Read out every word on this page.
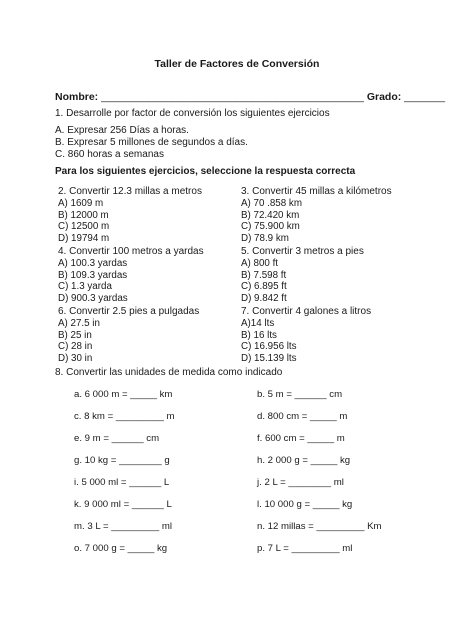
Taller de Factores de Conversión
Nombre: _____________________________________________ Grado: _______
1. Desarrolle por factor de conversión los siguientes ejercicios
A. Expresar 256 Días a horas.
B. Expresar 5 millones de segundos a días.
C. 860 horas a semanas
Para los siguientes ejercicios, seleccione la respuesta correcta
2. Convertir 12.3 millas a metros
A) 1609 m
B) 12000 m
C) 12500 m
D) 19794 m
3. Convertir 45 millas a kilómetros
A) 70 .858 km
B) 72.420 km
C) 75.900 km
D) 78.9 km
4. Convertir 100 metros a yardas
A) 100.3 yardas
B) 109.3 yardas
C) 1.3 yarda
D) 900.3 yardas
5. Convertir 3 metros a pies
A) 800 ft
B) 7.598 ft
C) 6.895 ft
D) 9.842 ft
6. Convertir 2.5 pies a pulgadas
A) 27.5 in
B) 25 in
C) 28 in
D) 30 in
7. Convertir 4 galones a litros
A)14 lts
B) 16 lts
C) 16.956 lts
D) 15.139 lts
8. Convertir las unidades de medida como indicado
a. 6 000 m = _____ km
c. 8 km = _________ m
e. 9 m = ______ cm
g. 10 kg = ________ g
i. 5 000 ml = ______ L
k. 9 000 ml = ______ L
m. 3 L = _________ ml
o. 7 000 g = _____ kg
b. 5 m = ______ cm
d. 800 cm = _____ m
f. 600 cm = _____ m
h. 2 000 g = _____ kg
j. 2 L = ________ ml
l. 10 000 g = _____ kg
n. 12 millas = _________ Km
p. 7 L = _________ ml
